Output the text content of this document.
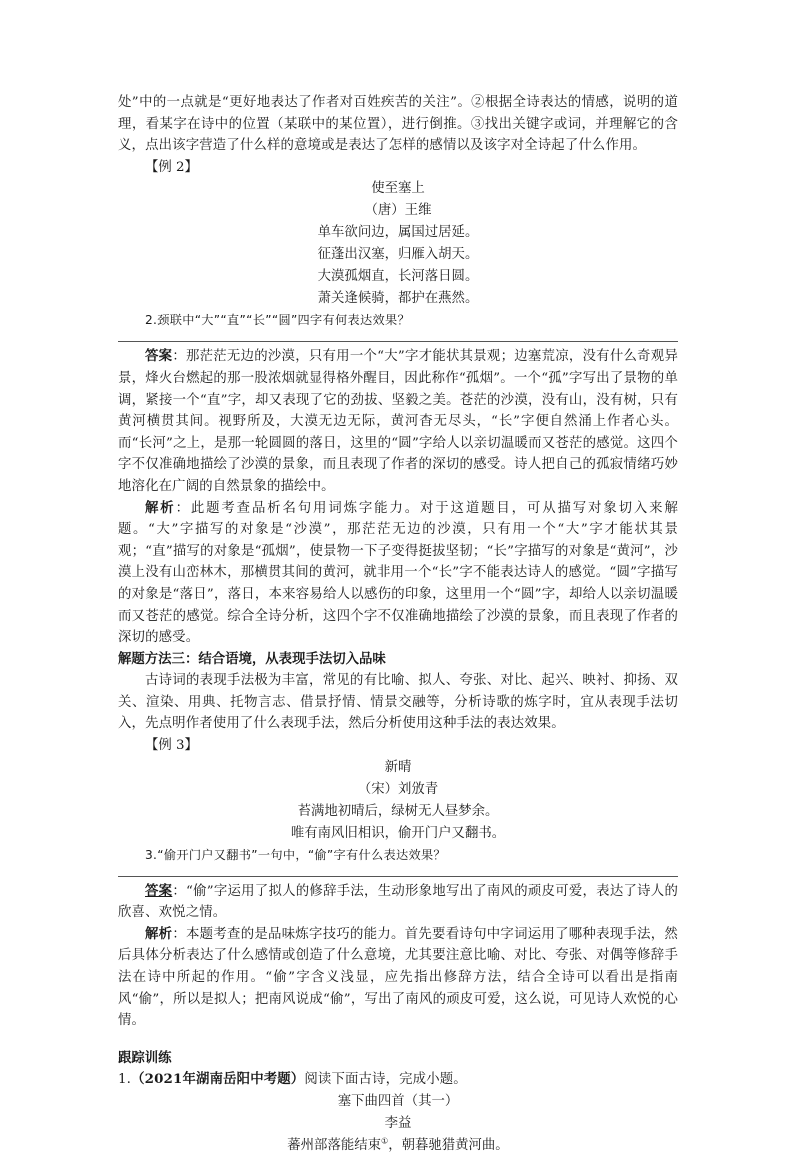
处”中的一点就是“更好地表达了作者对百姓疾苦的关注”。②根据全诗表达的情感，说明的道理，看某字在诗中的位置（某联中的某位置），进行倒推。③找出关键字或词，并理解它的含义，点出该字营造了什么样的意境或是表达了怎样的感情以及该字对全诗起了什么作用。

【例 2】

使至塞上

（唐）王维

单车欲问边，属国过居延。

征蓬出汉塞，归雁入胡天。

大漠孤烟直，长河落日圆。

萧关逢候骑，都护在燕然。

2.颈联中“大”“直”“长”“圆”四字有何表达效果？

答案：那茫茫无边的沙漠，只有用一个“大”字才能状其景观；边塞荒凉，没有什么奇观异景，烽火台燃起的那一股浓烟就显得格外醒目，因此称作“孤烟”。一个“孤”字写出了景物的单调，紧接一个“直”字，却又表现了它的劲拔、坚毅之美。苍茫的沙漠，没有山，没有树，只有黄河横贯其间。视野所及，大漠无边无际，黄河杳无尽头，“长”字便自然涌上作者心头。而“长河”之上，是那一轮圆圆的落日，这里的“圆”字给人以亲切温暖而又苍茫的感觉。这四个字不仅准确地描绘了沙漠的景象，而且表现了作者的深切的感受。诗人把自己的孤寂情绪巧妙地溶化在广阔的自然景象的描绘中。

解析：此题考查品析名句用词炼字能力。对于这道题目，可从描写对象切入来解题。“大”字描写的对象是“沙漠”，那茫茫无边的沙漠，只有用一个“大”字才能状其景观；“直”描写的对象是“孤烟”，使景物一下子变得挺拔坚韧；“长”字描写的对象是“黄河”，沙漠上没有山峦林木，那横贯其间的黄河，就非用一个“长”字不能表达诗人的感觉。“圆”字描写的对象是“落日”，落日，本来容易给人以感伤的印象，这里用一个“圆”字，却给人以亲切温暖而又苍茫的感觉。综合全诗分析，这四个字不仅准确地描绘了沙漠的景象，而且表现了作者的深切的感受。

解题方法三：结合语境，从表现手法切入品味

古诗词的表现手法极为丰富，常见的有比喻、拟人、夸张、对比、起兴、映衬、抑扬、双关、渲染、用典、托物言志、借景抒情、情景交融等，分析诗歌的炼字时，宜从表现手法切入，先点明作者使用了什么表现手法，然后分析使用这种手法的表达效果。

【例 3】

新晴

（宋）刘攽青

苔满地初晴后，绿树无人昼梦余。

唯有南风旧相识，偷开门户又翻书。

3.“偷开门户又翻书”一句中，“偷”字有什么表达效果？

答案：“偷”字运用了拟人的修辞手法，生动形象地写出了南风的顽皮可爱，表达了诗人的欣喜、欢悦之情。

解析：本题考查的是品味炼字技巧的能力。首先要看诗句中字词运用了哪种表现手法，然后具体分析表达了什么感情或创造了什么意境，尤其要注意比喻、对比、夸张、对偶等修辞手法在诗中所起的作用。“偷”字含义浅显，应先指出修辞方法，结合全诗可以看出是指南风“偷”，所以是拟人；把南风说成“偷”，写出了南风的顽皮可爱，这么说，可见诗人欢悦的心情。

跟踪训练

1.（2021年湖南岳阳中考题）阅读下面古诗，完成小题。

塞下曲四首（其一）

李益

蕃州部落能结束①，朝暮驰猎黄河曲。
